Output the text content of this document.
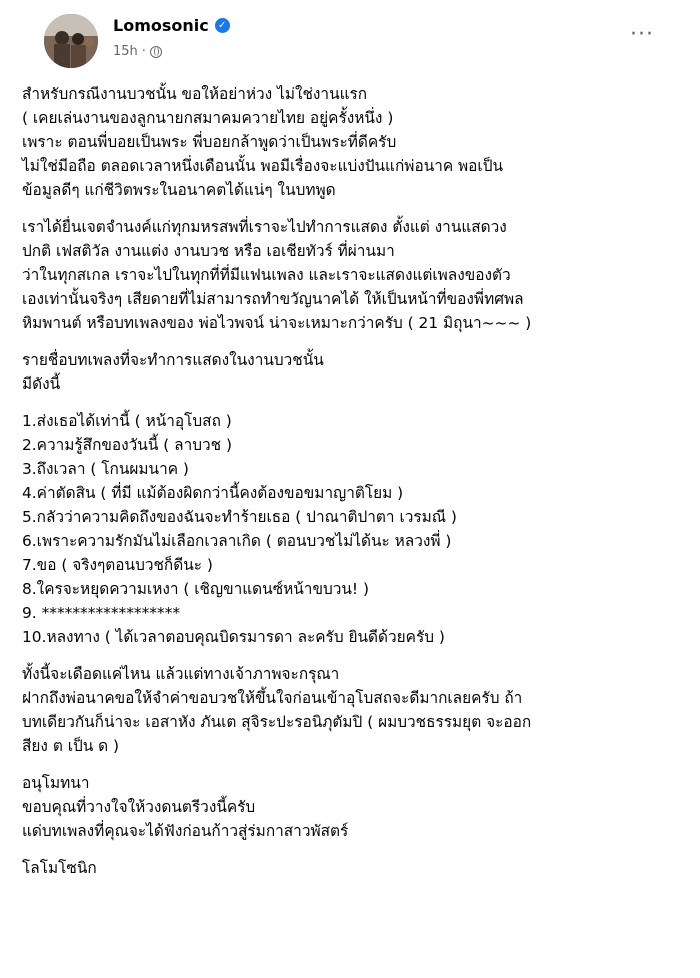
Lomosonic ✓
15h ·
···
สำหรับกรณีงานบวชนั้น ขอให้อย่าห่วง ไม่ใช่งานแรก
( เคยเล่นงานของลูกนายกสมาคมควายไทย อยู่ครั้งหนึ่ง )
เพราะ ตอนพี่บอยเป็นพระ พี่บอยกล้าพูดว่าเป็นพระที่ดีครับ
ไม่ใช่มีอถือ ตลอดเวลาหนึ่งเดือนนั้น พอมีเรื่องจะแบ่งปันแก่พ่อนาค พอเป็น
ข้อมูลดีๆ แก่ชีวิตพระในอนาคตได้แน่ๆ ในบทพูด
เราได้ยื่นเจตจำนงค์แก่ทุกมหรสพที่เราจะไปทำการแสดง ตั้งแต่ งานแสดวง
ปกติ เฟสติวัล งานแต่ง งานบวช หรือ เอเชียทัวร์ ที่ผ่านมา
ว่าในทุกสเกล เราจะไปในทุกที่ที่มีแฟนเพลง และเราจะแสดงแต่เพลงของตัว
เองเท่านั้นจริงๆ เสียดายที่ไม่สามารถทำขวัญนาคได้ ให้เป็นหน้าที่ของพี่ทศพล
หิมพานต์ หรือบทเพลงของ พ่อไวพจน์ น่าจะเหมาะกว่าครับ ( 21 มิถุนา~~~ )
รายชื่อบทเพลงที่จะทำการแสดงในงานบวชนั้น
มีดังนี้
1.ส่งเธอได้เท่านี้ ( หน้าอุโบสถ )
2.ความรู้สึกของวันนี้ ( ลาบวช )
3.ถึงเวลา ( โกนผมนาค )
4.ค่าตัดสิน ( ที่มี แม้ต้องผิดกว่านี้คงต้องขอขมาญาติโยม )
5.กลัวว่าความคิดถึงของฉันจะทำร้ายเธอ ( ปาณาติปาตา เวรมณี )
6.เพราะความรักมันไม่เลือกเวลาเกิด ( ตอนบวชไม่ได้นะ หลวงพี่ )
7.ขอ ( จริงๆตอนบวชก็ดีนะ )
8.ใครจะหยุดความเหงา ( เชิญขาแดนซ์หน้าขบวน! )
9. ******************
10.หลงทาง ( ได้เวลาตอบคุณบิดรมารดา ละครับ ยินดีด้วยครับ )
ทั้งนี้จะเดือดแค่ไหน แล้วแต่ทางเจ้าภาพจะกรุณา
ฝากถึงพ่อนาคขอให้จำค่าขอบวชให้ขึ้นใจก่อนเข้าอุโบสถจะดีมากเลยครับ ถ้า
บทเดียวกันก็น่าจะ เอสาหัง ภันเต สุจิระปะรอนิภุตัมปิ ( ผมบวชธรรมยุต จะออก
สียง ต เป็น ด )
อนุโมทนา
ขอบคุณที่วางใจให้วงดนตรีวงนี้ครับ
แด่บทเพลงที่คุณจะได้ฟังก่อนก้าวสู่ร่มกาสาวพัสตร์
โลโมโซนิก
